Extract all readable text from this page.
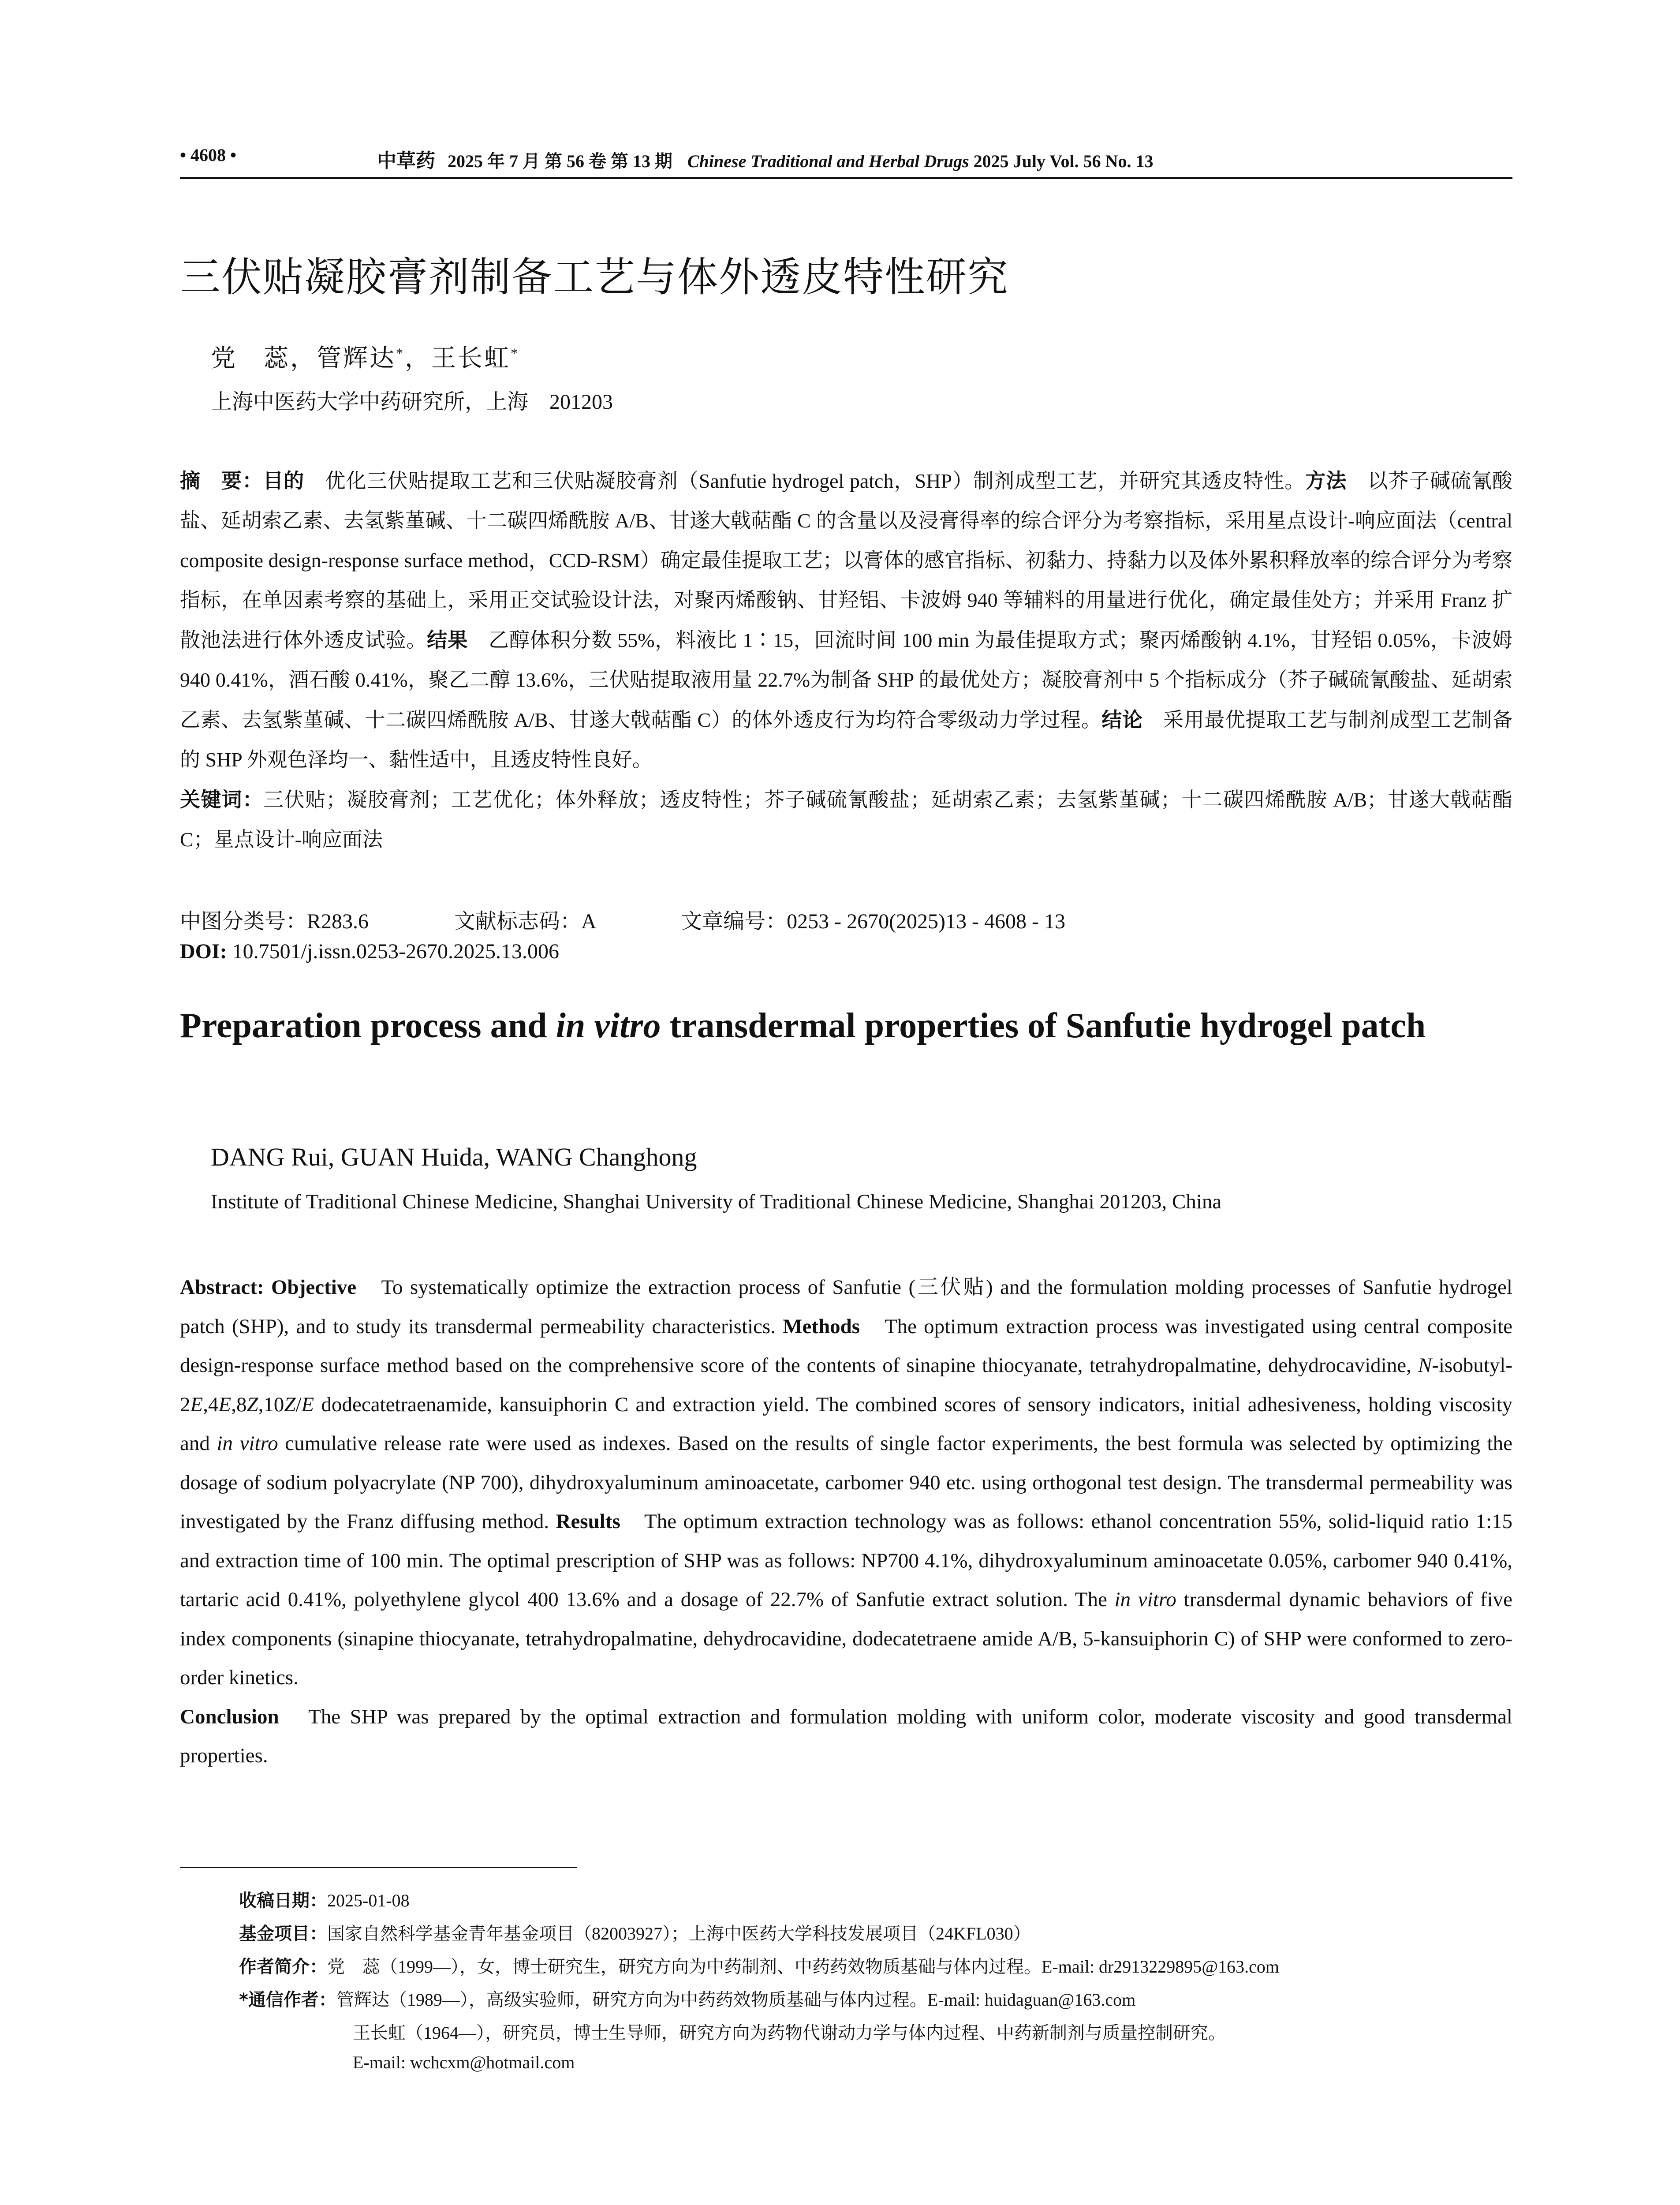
• 4608 •	中草药 2025 年 7 月 第 56 卷 第 13 期 Chinese Traditional and Herbal Drugs 2025 July Vol. 56 No. 13
三伏贴凝胶膏剂制备工艺与体外透皮特性研究
党　蕊，管辉达*，王长虹*
上海中医药大学中药研究所，上海　201203
摘　要：目的　 优化三伏贴提取工艺和三伏贴凝胶膏剂（Sanfutie hydrogel patch，SHP）制剂成型工艺，并研究其透皮特性。方法　 以芥子碱硫氰酸盐、延胡索乙素、去氢紫堇碱、十二碳四烯酰胺 A/B、甘遂大戟萜酯 C 的含量以及浸膏得率的综合评分为考察指标，采用星点设计-响应面法（central composite design-response surface method，CCD-RSM）确定最佳提取工艺；以膏体的感官指标、初黏力、持黏力以及体外累积释放率的综合评分为考察指标，在单因素考察的基础上，采用正交试验设计法，对聚丙烯酸钠、甘羟铝、卡波姆 940 等辅料的用量进行优化，确定最佳处方；并采用 Franz 扩散池法进行体外透皮试验。结果　 乙醇体积分数 55%，料液比 1∶15，回流时间 100 min 为最佳提取方式；聚丙烯酸钠 4.1%，甘羟铝 0.05%，卡波姆 940 0.41%，酒石酸 0.41%，聚乙二醇 13.6%，三伏贴提取液用量 22.7%为制备 SHP 的最优处方；凝胶膏剂中 5 个指标成分（芥子碱硫氰酸盐、延胡索乙素、去氢紫堇碱、十二碳四烯酰胺 A/B、甘遂大戟萜酯 C）的体外透皮行为均符合零级动力学过程。结论　 采用最优提取工艺与制剂成型工艺制备的 SHP 外观色泽均一、黏性适中，且透皮特性良好。
关键词：三伏贴；凝胶膏剂；工艺优化；体外释放；透皮特性；芥子碱硫氰酸盐；延胡索乙素；去氢紫堇碱；十二碳四烯酰胺 A/B；甘遂大戟萜酯 C；星点设计-响应面法
中图分类号：R283.6	文献标志码：A	文章编号：0253 - 2670(2025)13 - 4608 - 13
DOI: 10.7501/j.issn.0253-2670.2025.13.006
Preparation process and in vitro transdermal properties of Sanfutie hydrogel patch
DANG Rui, GUAN Huida, WANG Changhong
Institute of Traditional Chinese Medicine, Shanghai University of Traditional Chinese Medicine, Shanghai 201203, China
Abstract: Objective　 To systematically optimize the extraction process of Sanfutie (三伏贴) and the formulation molding processes of Sanfutie hydrogel patch (SHP), and to study its transdermal permeability characteristics. Methods　 The optimum extraction process was investigated using central composite design-response surface method based on the comprehensive score of the contents of sinapine thiocyanate, tetrahydropalmatine, dehydrocavidine, N-isobutyl-2E,4E,8Z,10Z/E dodecatetraenamide, kansuiphorin C and extraction yield. The combined scores of sensory indicators, initial adhesiveness, holding viscosity and in vitro cumulative release rate were used as indexes. Based on the results of single factor experiments, the best formula was selected by optimizing the dosage of sodium polyacrylate (NP 700), dihydroxyaluminum aminoacetate, carbomer 940 etc. using orthogonal test design. The transdermal permeability was investigated by the Franz diffusing method. Results　 The optimum extraction technology was as follows: ethanol concentration 55%, solid-liquid ratio 1:15 and extraction time of 100 min. The optimal prescription of SHP was as follows: NP700 4.1%, dihydroxyaluminum aminoacetate 0.05%, carbomer 940 0.41%, tartaric acid 0.41%, polyethylene glycol 400 13.6% and a dosage of 22.7% of Sanfutie extract solution. The in vitro transdermal dynamic behaviors of five index components (sinapine thiocyanate, tetrahydropalmatine, dehydrocavidine, dodecatetraene amide A/B, 5-kansuiphorin C) of SHP were conformed to zero-order kinetics.
Conclusion　 The SHP was prepared by the optimal extraction and formulation molding with uniform color, moderate viscosity and good transdermal properties.
收稿日期：2025-01-08
基金项目：国家自然科学基金青年基金项目（82003927）；上海中医药大学科技发展项目（24KFL030）
作者简介：党　蕊（1999—），女，博士研究生，研究方向为中药制剂、中药药效物质基础与体内过程。E-mail: dr2913229895@163.com
*通信作者：管辉达（1989—），高级实验师，研究方向为中药药效物质基础与体内过程。E-mail: huidaguan@163.com
王长虹（1964—），研究员，博士生导师，研究方向为药物代谢动力学与体内过程、中药新制剂与质量控制研究。
E-mail: wchcxm@hotmail.com
